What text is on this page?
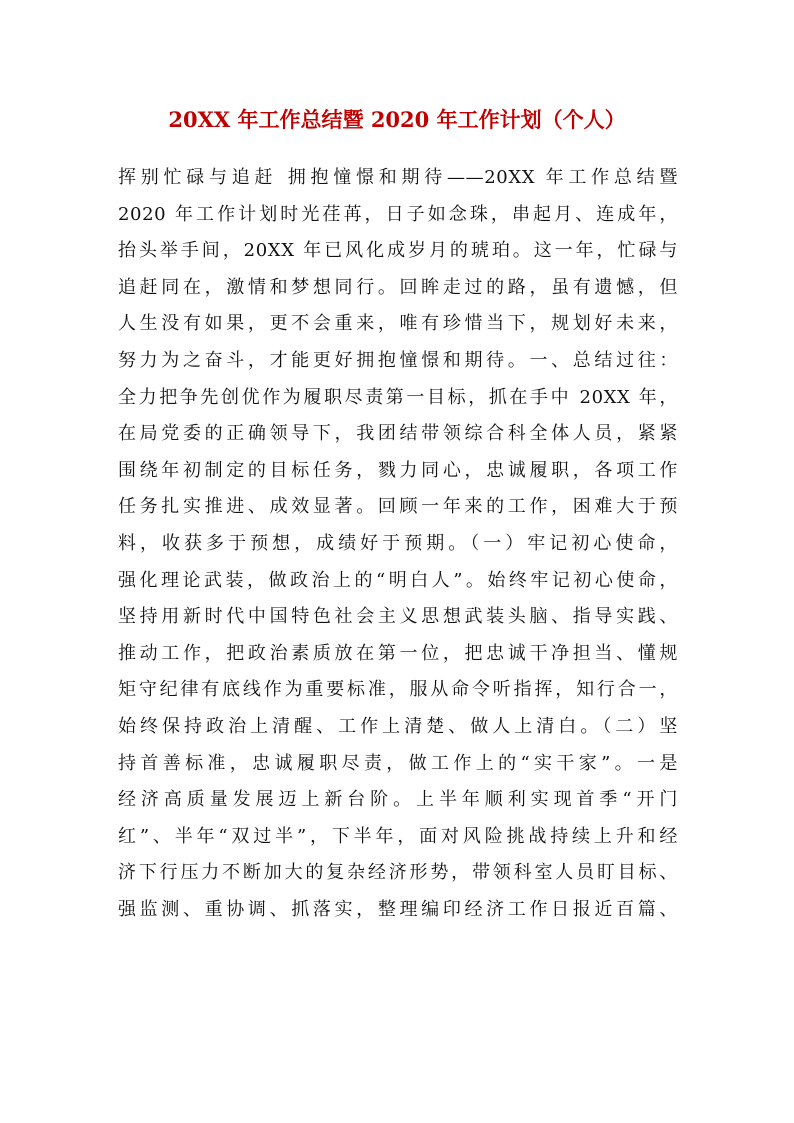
20XX 年工作总结暨 2020 年工作计划（个人）
挥别忙碌与追赶 拥抱憧憬和期待——20XX 年工作总结暨
2020 年工作计划时光荏苒，日子如念珠，串起月、连成年，
抬头举手间，20XX 年已风化成岁月的琥珀。这一年，忙碌与
追赶同在，激情和梦想同行。回眸走过的路，虽有遗憾，但
人生没有如果，更不会重来，唯有珍惜当下，规划好未来，
努力为之奋斗，才能更好拥抱憧憬和期待。一、总结过往：
全力把争先创优作为履职尽责第一目标，抓在手中 20XX 年，
在局党委的正确领导下，我团结带领综合科全体人员，紧紧
围绕年初制定的目标任务，戮力同心，忠诚履职，各项工作
任务扎实推进、成效显著。回顾一年来的工作，困难大于预
料，收获多于预想，成绩好于预期。（一）牢记初心使命，
强化理论武装，做政治上的“明白人”。始终牢记初心使命，
坚持用新时代中国特色社会主义思想武装头脑、指导实践、
推动工作，把政治素质放在第一位，把忠诚干净担当、懂规
矩守纪律有底线作为重要标准，服从命令听指挥，知行合一，
始终保持政治上清醒、工作上清楚、做人上清白。（二）坚
持首善标准，忠诚履职尽责，做工作上的“实干家”。一是
经济高质量发展迈上新台阶。上半年顺利实现首季“开门
红”、半年“双过半”，下半年，面对风险挑战持续上升和经
济下行压力不断加大的复杂经济形势，带领科室人员盯目标、
强监测、重协调、抓落实，整理编印经济工作日报近百篇、
